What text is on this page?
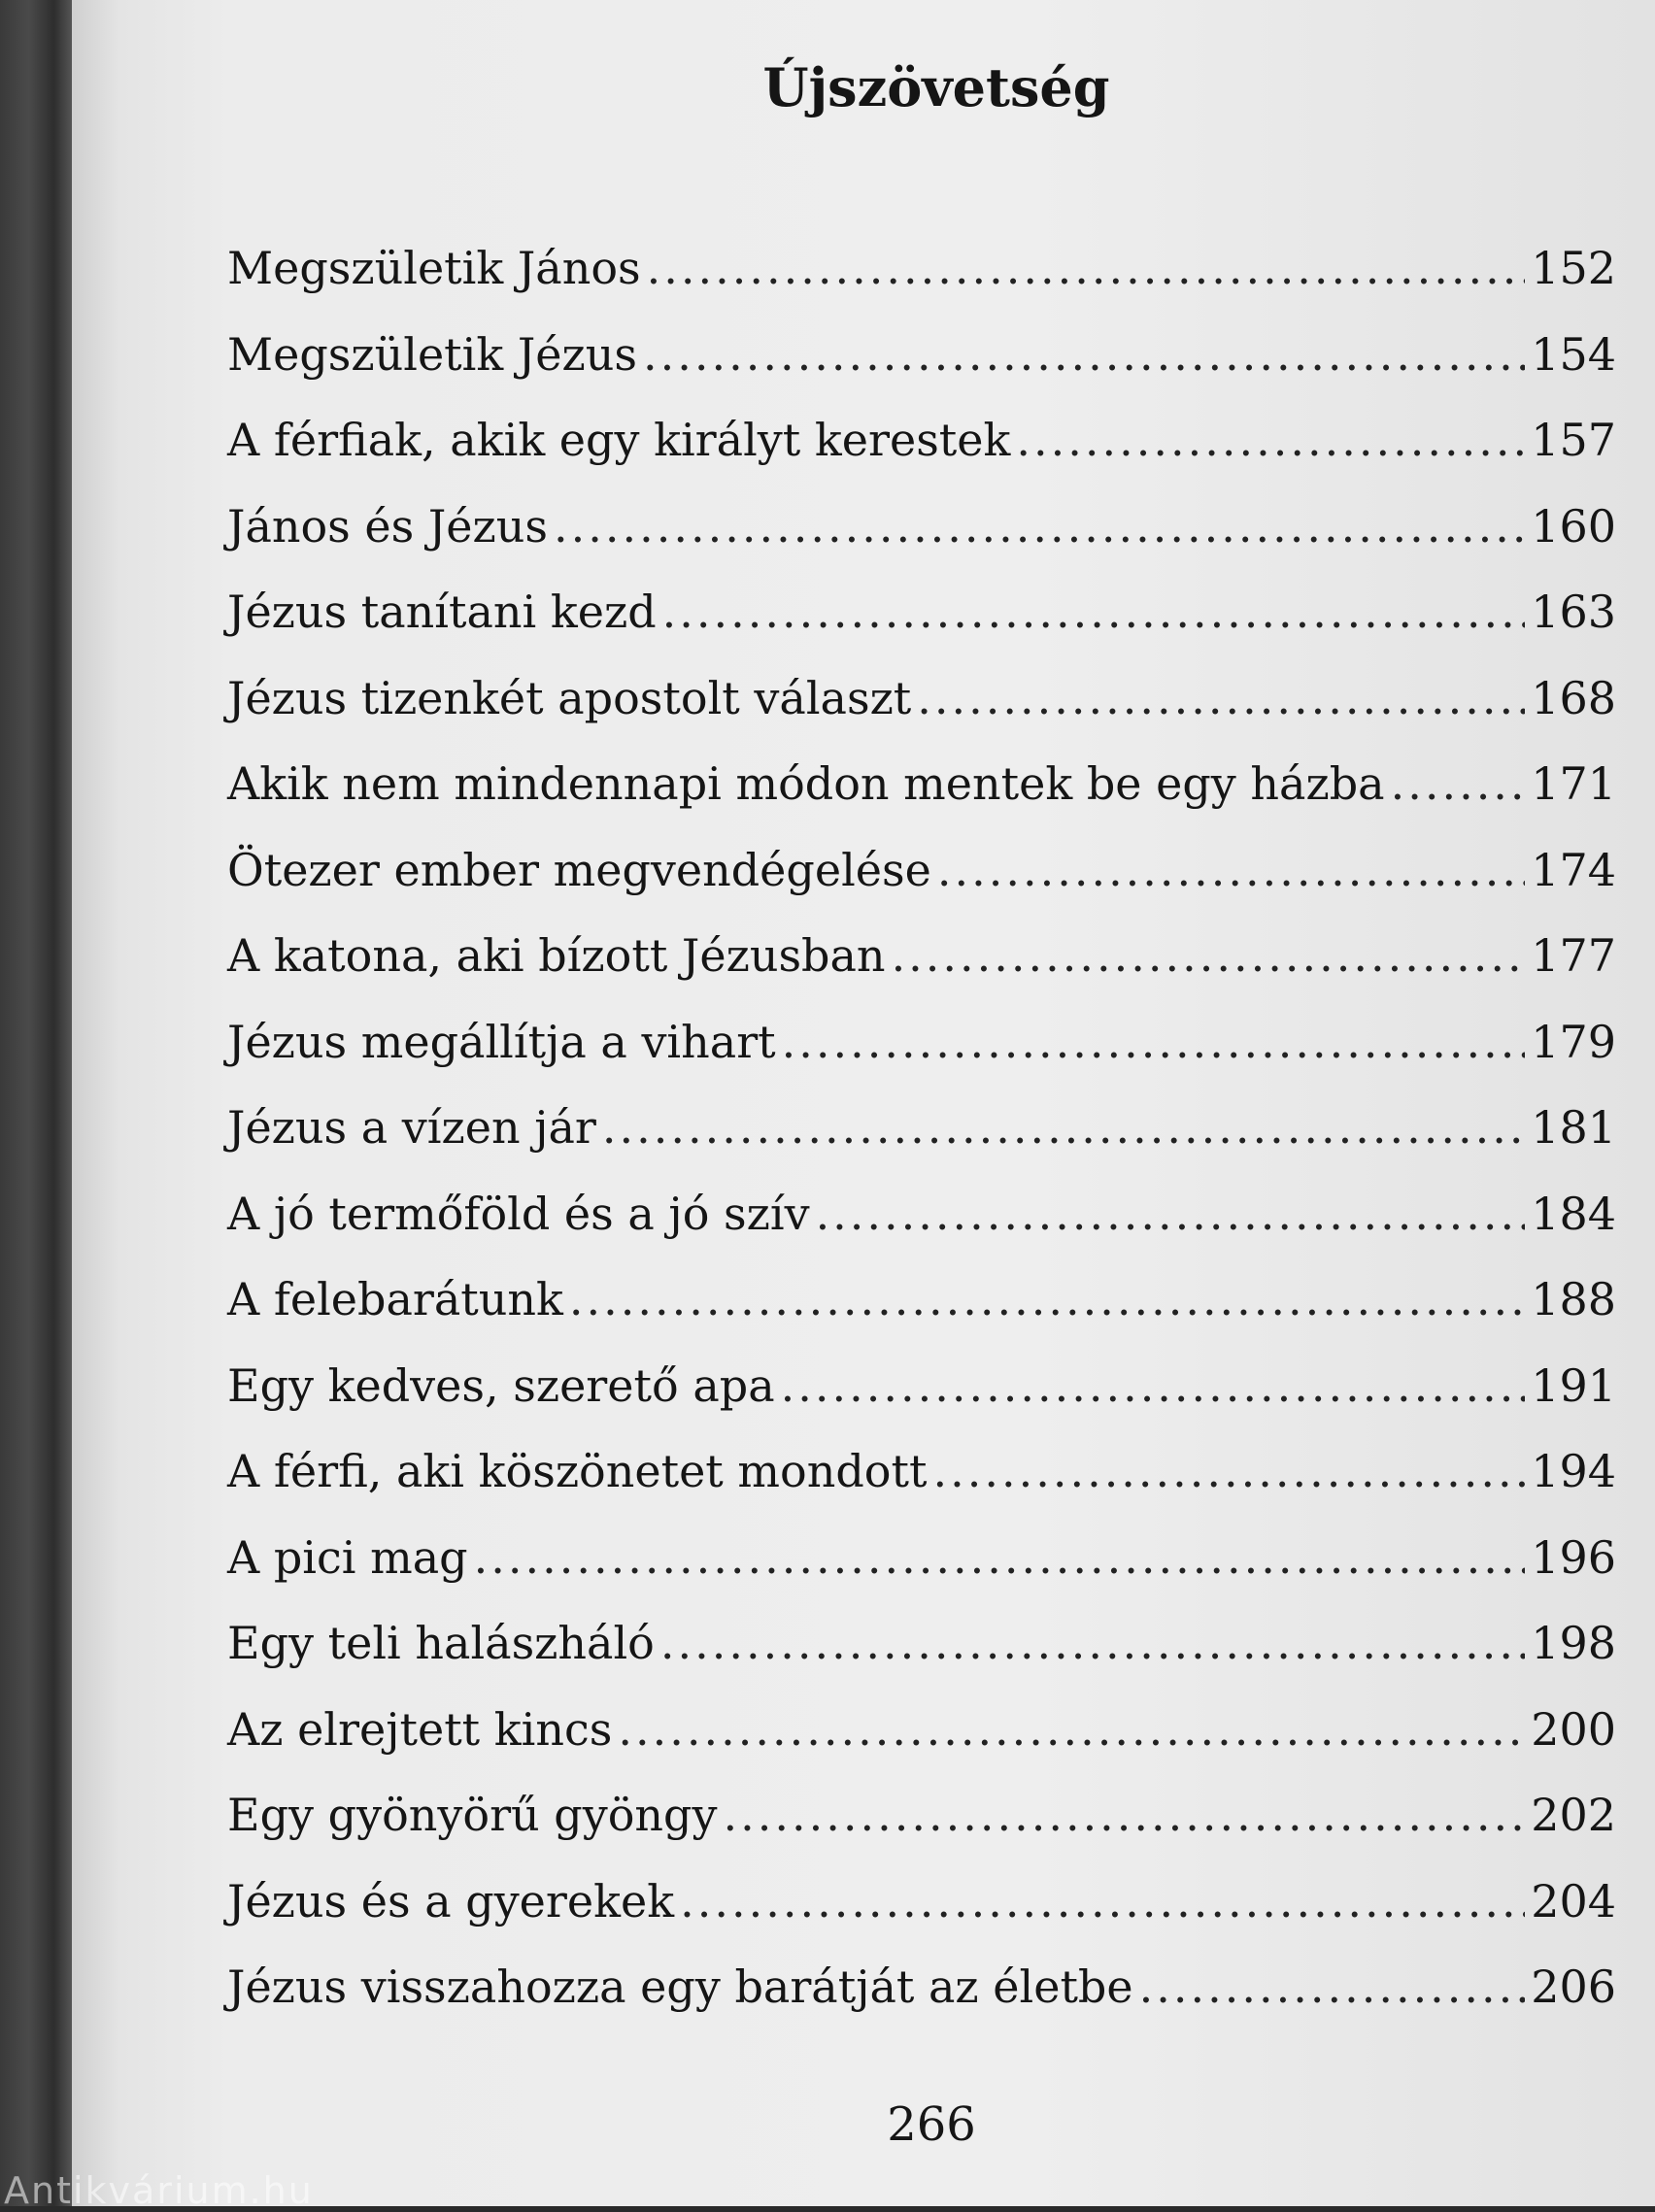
Újszövetség
Megszületik János .....	152
Megszületik Jézus .....	154
A férfiak, akik egy királyt kerestek .....	157
János és Jézus .....	160
Jézus tanítani kezd .....	163
Jézus tizenkét apostolt választ .....	168
Akik nem mindennapi módon mentek be egy házba .....	171
Ötezer ember megvendégelése .....	174
A katona, aki bízott Jézusban .....	177
Jézus megállítja a vihart .....	179
Jézus a vízen jár .....	181
A jó termőföld és a jó szív .....	184
A felebarátunk .....	188
Egy kedves, szerető apa .....	191
A férfi, aki köszönetet mondott .....	194
A pici mag .....	196
Egy teli halászháló .....	198
Az elrejtett kincs .....	200
Egy gyönyörű gyöngy .....	202
Jézus és a gyerekek .....	204
Jézus visszahozza egy barátját az életbe .....	206
266
Antikvárium.hu
